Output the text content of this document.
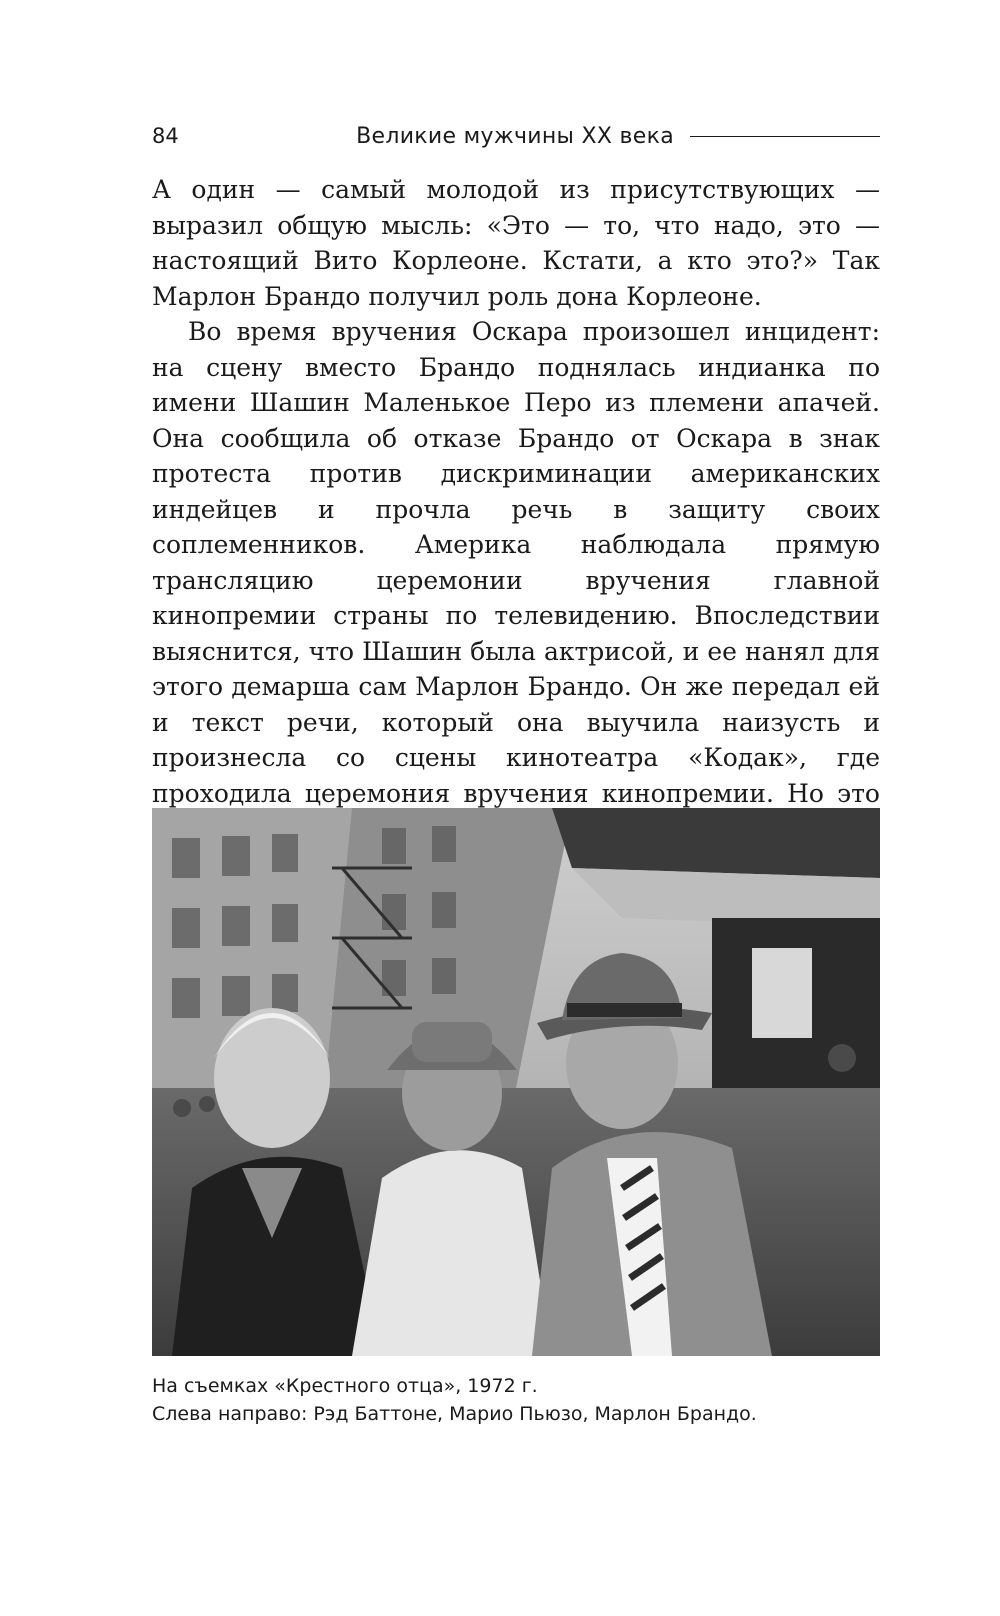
84	Великие мужчины XX века

А один — самый молодой из присутствующих — выразил общую мысль: «Это — то, что надо, это — настоящий Вито Корлеоне. Кстати, а кто это?» Так Марлон Брандо получил роль дона Корлеоне.

Во время вручения Оскара произошел инцидент: на сцену вместо Брандо поднялась индианка по имени Шашин Маленькое Перо из племени апачей. Она сообщила об отказе Брандо от Оскара в знак протеста против дискриминации американских индейцев и прочла речь в защиту своих соплеменников. Америка наблюдала прямую трансляцию церемонии вручения главной кинопремии страны по телевидению. Впоследствии выяснится, что Шашин была актрисой, и ее нанял для этого демарша сам Марлон Брандо. Он же передал ей и текст речи, который она выучила наизусть и произнесла со сцены кинотеатра «Кодак», где проходила церемония вручения кинопремии. Но это

На съемках «Крестного отца», 1972 г.
Слева направо: Рэд Баттоне, Марио Пьюзо, Марлон Брандо.
